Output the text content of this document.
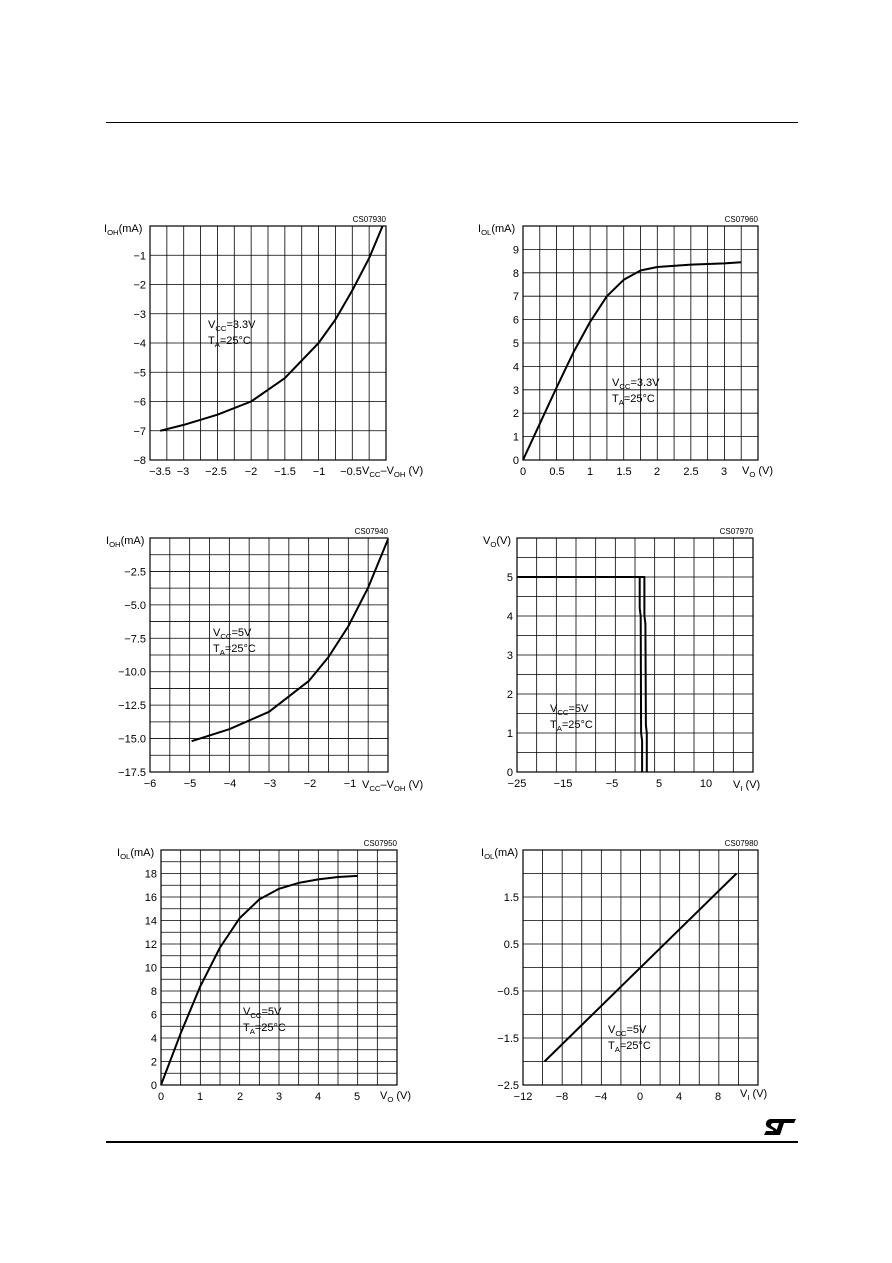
−1
−2
−3
−4
−5
−6
−7
−8
−3.5 −3 −2.5 −2 −1.5 −1 −0.5
CS07930
$I_{OH}(mA)$
$V_{CC}-V_{OH}$ (V)
$V_{CC}=3.3V$
$T_A=25^\circ C$
0
1
2
3
4
5
6
7
8
9
0 0.5 1 1.5 2 2.5 3
CS07960
$I_{OL}(mA)$
$V_O$ (V)
$V_{CC}=3.3V$
$T_A=25^\circ C$
−2.5
−5.0
−7.5
−10.0
−12.5
−15.0
−17.5
−6 −5 −4 −3 −2 −1
CS07940
$I_{OH}(mA)$
$V_{CC}-V_{OH}$ (V)
$V_{CC}=5V$
$T_A=25^\circ C$
0
1
2
3
4
5
−25 −15	−5	5	10
CS07970
$V_O(V)$
$V_I$ (V)
$V_{CC}=5V$
$T_A=25^\circ C$
0
2
4
6
8
10
12
14
16
18
0	1	2	3	4	5
CS07950
$I_{OL}(mA)$
$V_O$ (V)
$V_{CC}=5V$
$T_A=25^\circ C$
−2.5
−1.5
−0.5
0.5
1.5
−12 −8 −4	0	4	8
CS07980
$I_{OL}(mA)$
$V_I$ (V)
$V_{CC}=5V$
$T_A=25^\circ C$
